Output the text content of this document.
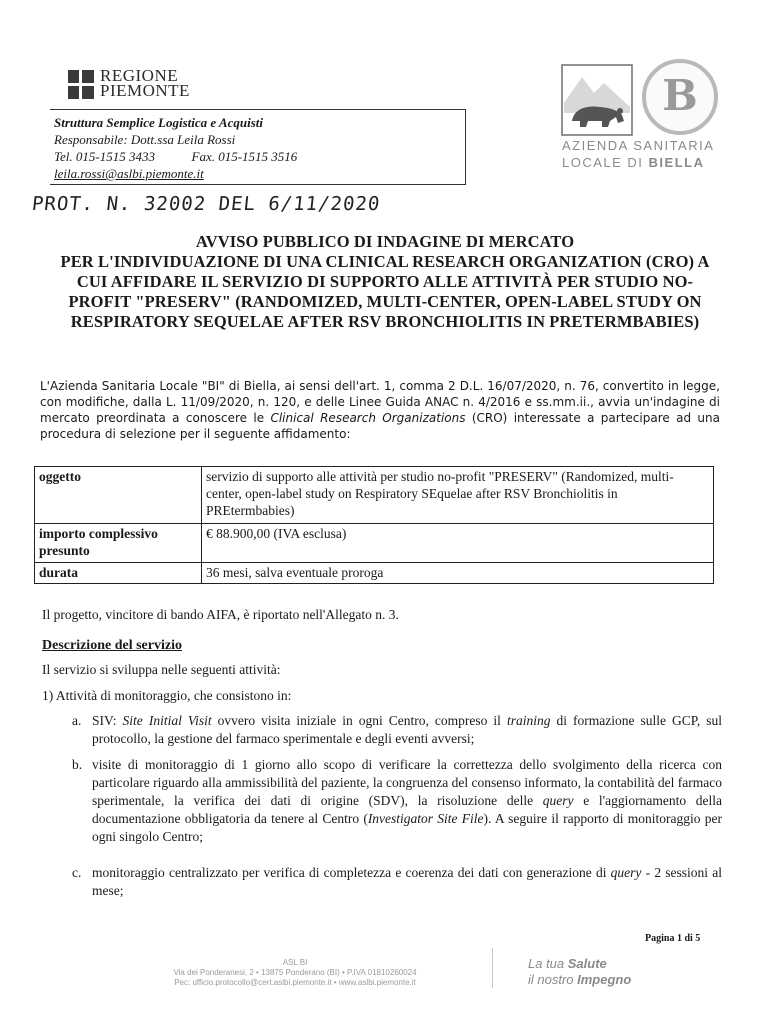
REGIONE
PIEMONTE
Struttura Semplice Logistica e Acquisti
Responsabile: Dott.ssa Leila Rossi
Tel. 015-1515 3433	Fax. 015-1515 3516
leila.rossi@aslbi.piemonte.it
PROT. N. 32002 DEL 6/11/2020
B
AZIENDA SANITARIA
LOCALE DI BIELLA
AVVISO PUBBLICO DI INDAGINE DI MERCATO
PER L'INDIVIDUAZIONE DI UNA CLINICAL RESEARCH ORGANIZATION (CRO) A
CUI AFFIDARE IL SERVIZIO DI SUPPORTO ALLE ATTIVITÀ PER STUDIO NO-
PROFIT "PRESERV" (RANDOMIZED, MULTI-CENTER, OPEN-LABEL STUDY ON
RESPIRATORY SEQUELAE AFTER RSV BRONCHIOLITIS IN PRETERMBABIES)
L'Azienda Sanitaria Locale "BI" di Biella, ai sensi dell'art. 1, comma 2 D.L. 16/07/2020, n. 76, convertito in legge, con modifiche, dalla L. 11/09/2020, n. 120, e delle Linee Guida ANAC n. 4/2016 e ss.mm.ii., avvia un'indagine di mercato preordinata a conoscere le Clinical Research Organizations (CRO) interessate a partecipare ad una procedura di selezione per il seguente affidamento:
oggetto	servizio di supporto alle attività per studio no-profit "PRESERV" (Randomized, multi-center, open-label study on Respiratory SEquelae after RSV Bronchiolitis in PREtermbabies)
importo complessivo presunto	€ 88.900,00 (IVA esclusa)
durata	36 mesi, salva eventuale proroga
Il progetto, vincitore di bando AIFA, è riportato nell'Allegato n. 3.
Descrizione del servizio
Il servizio si sviluppa nelle seguenti attività:
1) Attività di monitoraggio, che consistono in:
a. SIV: Site Initial Visit ovvero visita iniziale in ogni Centro, compreso il training di formazione sulle GCP, sul protocollo, la gestione del farmaco sperimentale e degli eventi avversi;
b. visite di monitoraggio di 1 giorno allo scopo di verificare la correttezza dello svolgimento della ricerca con particolare riguardo alla ammissibilità del paziente, la congruenza del consenso informato, la contabilità del farmaco sperimentale, la verifica dei dati di origine (SDV), la risoluzione delle query e l'aggiornamento della documentazione obbligatoria da tenere al Centro (Investigator Site File). A seguire il rapporto di monitoraggio per ogni singolo Centro;
c. monitoraggio centralizzato per verifica di completezza e coerenza dei dati con generazione di query - 2 sessioni al mese;
Pagina 1 di 5
ASL BI
Via dei Ponderanesi, 2 • 13875 Ponderano (BI) • P.IVA 01810260024
Pec: ufficio.protocollo@cert.aslbi.piemonte.it • www.aslbi.piemonte.it
La tua Salute
il nostro Impegno
